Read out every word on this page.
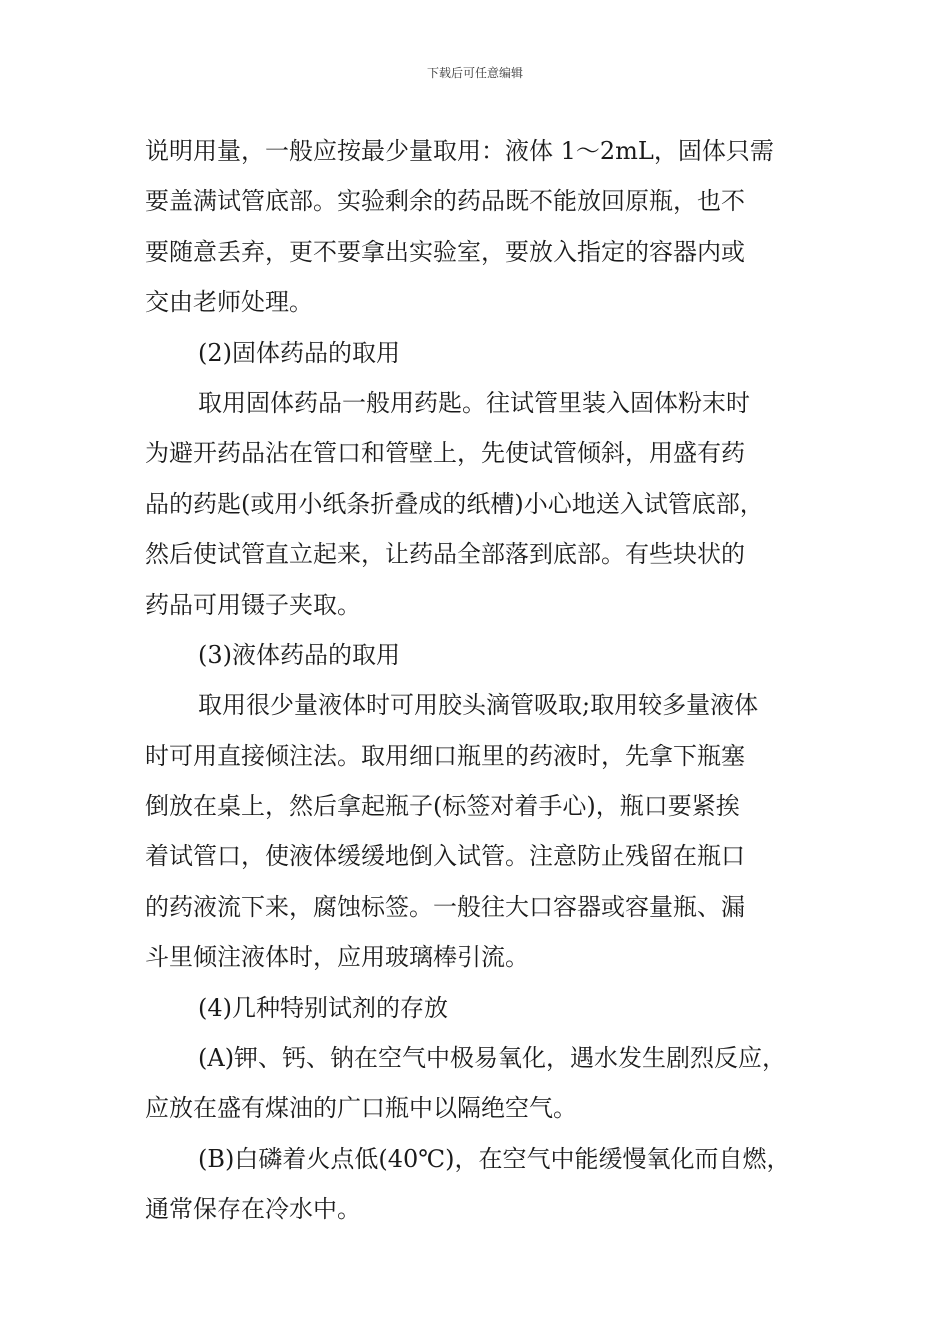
下载后可任意编辑
说明用量，一般应按最少量取用：液体 1～2mL，固体只需
要盖满试管底部。实验剩余的药品既不能放回原瓶，也不
要随意丢弃，更不要拿出实验室，要放入指定的容器内或
交由老师处理。
(2)固体药品的取用
取用固体药品一般用药匙。往试管里装入固体粉末时
为避开药品沾在管口和管壁上，先使试管倾斜，用盛有药
品的药匙(或用小纸条折叠成的纸槽)小心地送入试管底部，
然后使试管直立起来，让药品全部落到底部。有些块状的
药品可用镊子夹取。
(3)液体药品的取用
取用很少量液体时可用胶头滴管吸取;取用较多量液体
时可用直接倾注法。取用细口瓶里的药液时，先拿下瓶塞
倒放在桌上，然后拿起瓶子(标签对着手心)，瓶口要紧挨
着试管口，使液体缓缓地倒入试管。注意防止残留在瓶口
的药液流下来，腐蚀标签。一般往大口容器或容量瓶、漏
斗里倾注液体时，应用玻璃棒引流。
(4)几种特别试剂的存放
(A)钾、钙、钠在空气中极易氧化，遇水发生剧烈反应，
应放在盛有煤油的广口瓶中以隔绝空气。
(B)白磷着火点低(40℃)，在空气中能缓慢氧化而自燃，
通常保存在冷水中。
